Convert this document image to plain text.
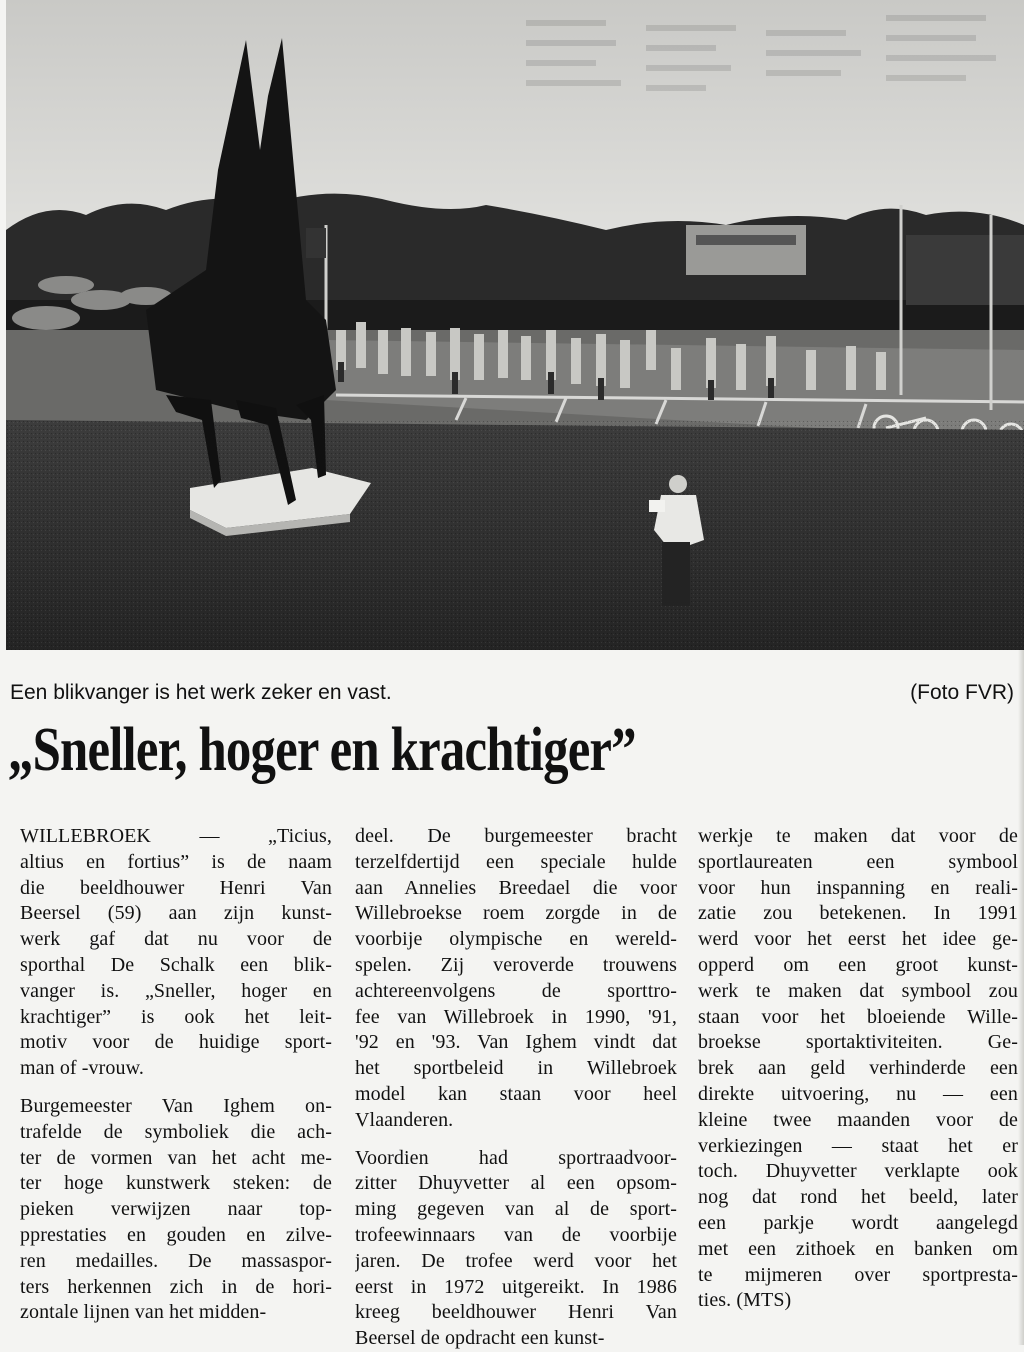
Een blikvanger is het werk zeker en vast.	(Foto FVR)
„Sneller, hoger en krachtiger”
WILLEBROEK — „Ticius,
altius en fortius” is de naam
die beeldhouwer Henri Van
Beersel (59) aan zijn kunst-
werk gaf dat nu voor de
sporthal De Schalk een blik-
vanger is. „Sneller, hoger en
krachtiger” is ook het leit-
motiv voor de huidige sport-
man of -vrouw.
Burgemeester Van Ighem on-
trafelde de symboliek die ach-
ter de vormen van het acht me-
ter hoge kunstwerk steken: de
pieken verwijzen naar top-
pprestaties en gouden en zilve-
ren medailles. De massaspor-
ters herkennen zich in de hori-
zontale lijnen van het midden-
deel. De burgemeester bracht
terzelfdertijd een speciale hulde
aan Annelies Breedael die voor
Willebroekse roem zorgde in de
voorbije olympische en wereld-
spelen. Zij veroverde trouwens
achtereenvolgens de sporttro-
fee van Willebroek in 1990, '91,
'92 en '93. Van Ighem vindt dat
het sportbeleid in Willebroek
model kan staan voor heel
Vlaanderen.
Voordien had sportraadvoor-
zitter Dhuyvetter al een opsom-
ming gegeven van al de sport-
trofeewinnaars van de voorbije
jaren. De trofee werd voor het
eerst in 1972 uitgereikt. In 1986
kreeg beeldhouwer Henri Van
Beersel de opdracht een kunst-
werkje te maken dat voor de
sportlaureaten een symbool
voor hun inspanning en reali-
zatie zou betekenen. In 1991
werd voor het eerst het idee ge-
opperd om een groot kunst-
werk te maken dat symbool zou
staan voor het bloeiende Wille-
broekse sportaktiviteiten. Ge-
brek aan geld verhinderde een
direkte uitvoering, nu — een
kleine twee maanden voor de
verkiezingen — staat het er
toch. Dhuyvetter verklapte ook
nog dat rond het beeld, later
een parkje wordt aangelegd
met een zithoek en banken om
te mijmeren over sportpresta-
ties. (MTS)
